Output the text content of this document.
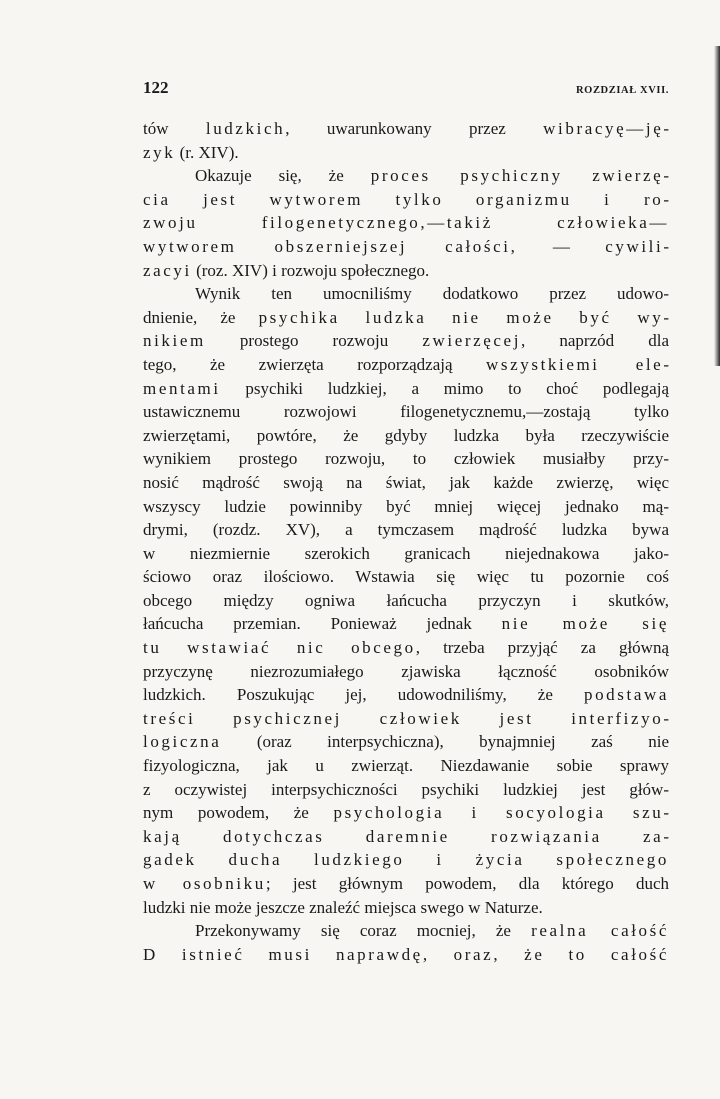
122	ROZDZIAŁ XVII.
tów ludzkich, uwarunkowany przez wibracyę—ję-
zyk (r. XIV).
Okazuje się, że proces psychiczny zwierzę-
cia jest wytworem tylko organizmu i ro-
zwoju filogenetycznego,—takiż człowieka—
wytworem obszerniejszej całości, — cywili-
zacyi (roz. XIV) i rozwoju społecznego.
Wynik ten umocniliśmy dodatkowo przez udowo-
dnienie, że psychika ludzka nie może być wy-
nikiem prostego rozwoju zwierzęcej, naprzód dla
tego, że zwierzęta rozporządzają wszystkiemi ele-
mentami psychiki ludzkiej, a mimo to choć podlegają
ustawicznemu rozwojowi filogenetycznemu,—zostają tylko
zwierzętami, powtóre, że gdyby ludzka była rzeczywiście
wynikiem prostego rozwoju, to człowiek musiałby przy-
nosić mądrość swoją na świat, jak każde zwierzę, więc
wszyscy ludzie powinniby być mniej więcej jednako mą-
drymi, (rozdz. XV), a tymczasem mądrość ludzka bywa
w niezmiernie szerokich granicach niejednakowa jako-
ściowo oraz ilościowo. Wstawia się więc tu pozornie coś
obcego między ogniwa łańcucha przyczyn i skutków,
łańcucha przemian. Ponieważ jednak nie może się
tu wstawiać nic obcego, trzeba przyjąć za główną
przyczynę niezrozumiałego zjawiska łączność osobników
ludzkich. Poszukując jej, udowodniliśmy, że podstawa
treści psychicznej człowiek jest interfizyo-
logiczna (oraz interpsychiczna), bynajmniej zaś nie
fizyologiczna, jak u zwierząt. Niezdawanie sobie sprawy
z oczywistej interpsychiczności psychiki ludzkiej jest głów-
nym powodem, że psychologia i socyologia szu-
kają dotychczas daremnie rozwiązania za-
gadek ducha ludzkiego i życia społecznego
w osobniku; jest głównym powodem, dla którego duch
ludzki nie może jeszcze znaleźć miejsca swego w Naturze.
Przekonywamy się coraz mocniej, że realna całość
D istnieć musi naprawdę, oraz, że to całość
